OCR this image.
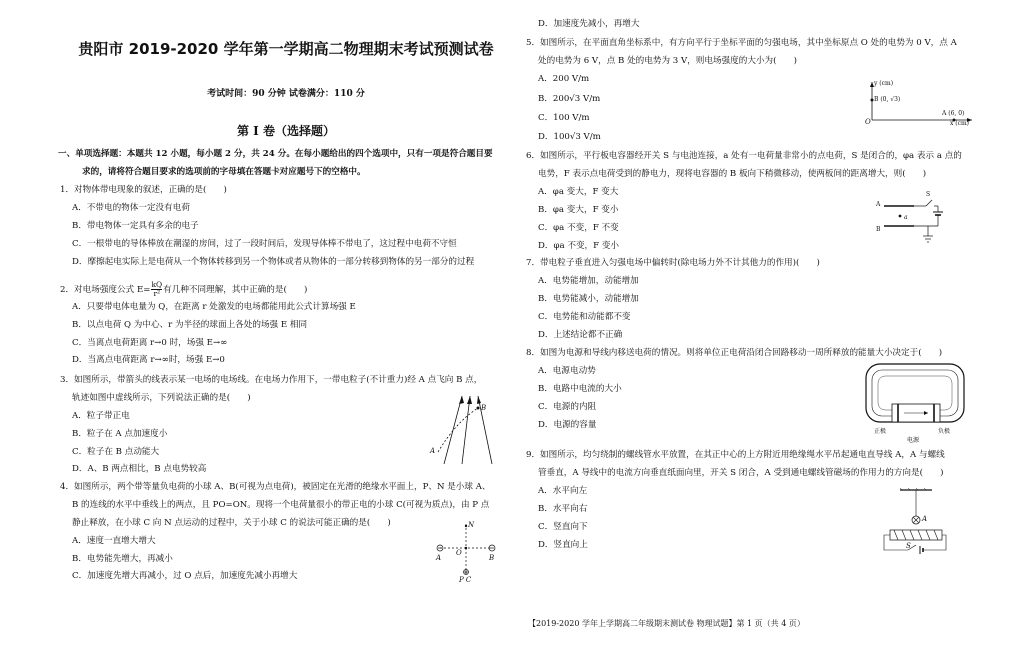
贵阳市 2019-2020 学年第一学期高二物理期末考试预测试卷
考试时间：90 分钟 试卷满分：110 分
第 I 卷（选择题）
一、单项选择题：本题共 12 小题，每小题 2 分，共 24 分。在每小题给出的四个选项中，只有一项是符合题目要
求的，请将符合题目要求的选项前的字母填在答题卡对应题号下的空格中。
1．对物体带电现象的叙述，正确的是(　　)
A．不带电的物体一定没有电荷
B．带电物体一定具有多余的电子
C．一根带电的导体棒放在潮湿的房间，过了一段时间后，发现导体棒不带电了，这过程中电荷不守恒
D．摩擦起电实际上是电荷从一个物体转移到另一个物体或者从物体的一部分转移到物体的另一部分的过程
2．对电场强度公式 $E= \frac{kQ}{\text{r²}}$ 有几种不同理解，其中正确的是(　　)
A．只要带电体电量为 Q，在距离 r 处激发的电场都能用此公式计算场强 E
B．以点电荷 Q 为中心、r 为半径的球面上各处的场强 E 相同
C．当离点电荷距离 r→0 时，场强 E→∞
D．当离点电荷距离 r→∞时，场强 E→0
3．如图所示，带箭头的线表示某一电场的电场线。在电场力作用下，一带电粒子(不计重力)经 A 点飞向 B 点，
轨迹如图中虚线所示，下列说法正确的是(　　)
A．粒子带正电
B．粒子在 A 点加速度小
C．粒子在 B 点动能大
D．A、B 两点相比，B 点电势较高
A
B
4．如图所示，两个带等量负电荷的小球 A、B(可视为点电荷)，被固定在光滑的绝缘水平面上，P、N 是小球 A、
B 的连线的水平中垂线上的两点，且 PO=ON。现将一个电荷量很小的带正电的小球 C(可视为质点)，由 P 点
静止释放，在小球 C 向 N 点运动的过程中，关于小球 C 的说法可能正确的是(　　)
A．速度一直增大增大
B．电势能先增大，再减小
C．加速度先增大再减小，过 O 点后，加速度先减小再增大
N
A
O
B
P C
D．加速度先减小，再增大
5．如图所示，在平面直角坐标系中，有方向平行于坐标平面的匀强电场，其中坐标原点 O 处的电势为 0 V，点 A
处的电势为 6 V，点 B 处的电势为 3 V，则电场强度的大小为(　　)
A．200 V/m
B．200√3 V/m
C．100 V/m
D．100√3 V/m
y (cm)
B (0, √3)
A (6, 0)
O	x (cm)
6．如图所示，平行板电容器经开关 S 与电池连接，a 处有一电荷量非常小的点电荷，S 是闭合的，φa 表示 a 点的
电势，F 表示点电荷受到的静电力，现将电容器的 B 板向下稍微移动，使两板间的距离增大，则(　　)
A．φa 变大，F 变大
B．φa 变大，F 变小
C．φa 不变，F 不变
D．φa 不变，F 变小
S
A
a
B
7．带电粒子垂直进入匀强电场中偏转时(除电场力外不计其他力的作用)(　　)
A．电势能增加，动能增加
B．电势能减小，动能增加
C．电势能和动能都不变
D．上述结论都不正确
8．如图为电源和导线内移送电荷的情况。则将单位正电荷沿闭合回路移动一周所释放的能量大小决定于(　　)
A．电源电动势
B．电路中电流的大小
C．电源的内阻
D．电源的容量
正极	负极
电源
9．如图所示，均匀绕制的螺线管水平放置，在其正中心的上方附近用绝缘绳水平吊起通电直导线 A，A 与螺线
管垂直，A 导线中的电流方向垂直纸面向里，开关 S 闭合，A 受到通电螺线管磁场的作用力的方向是(　　)
A．水平向左
B．水平向右
C．竖直向下
D．竖直向上
A
S
【2019-2020 学年上学期高二年级期末测试卷 物理试题】第 1 页（共 4 页）
